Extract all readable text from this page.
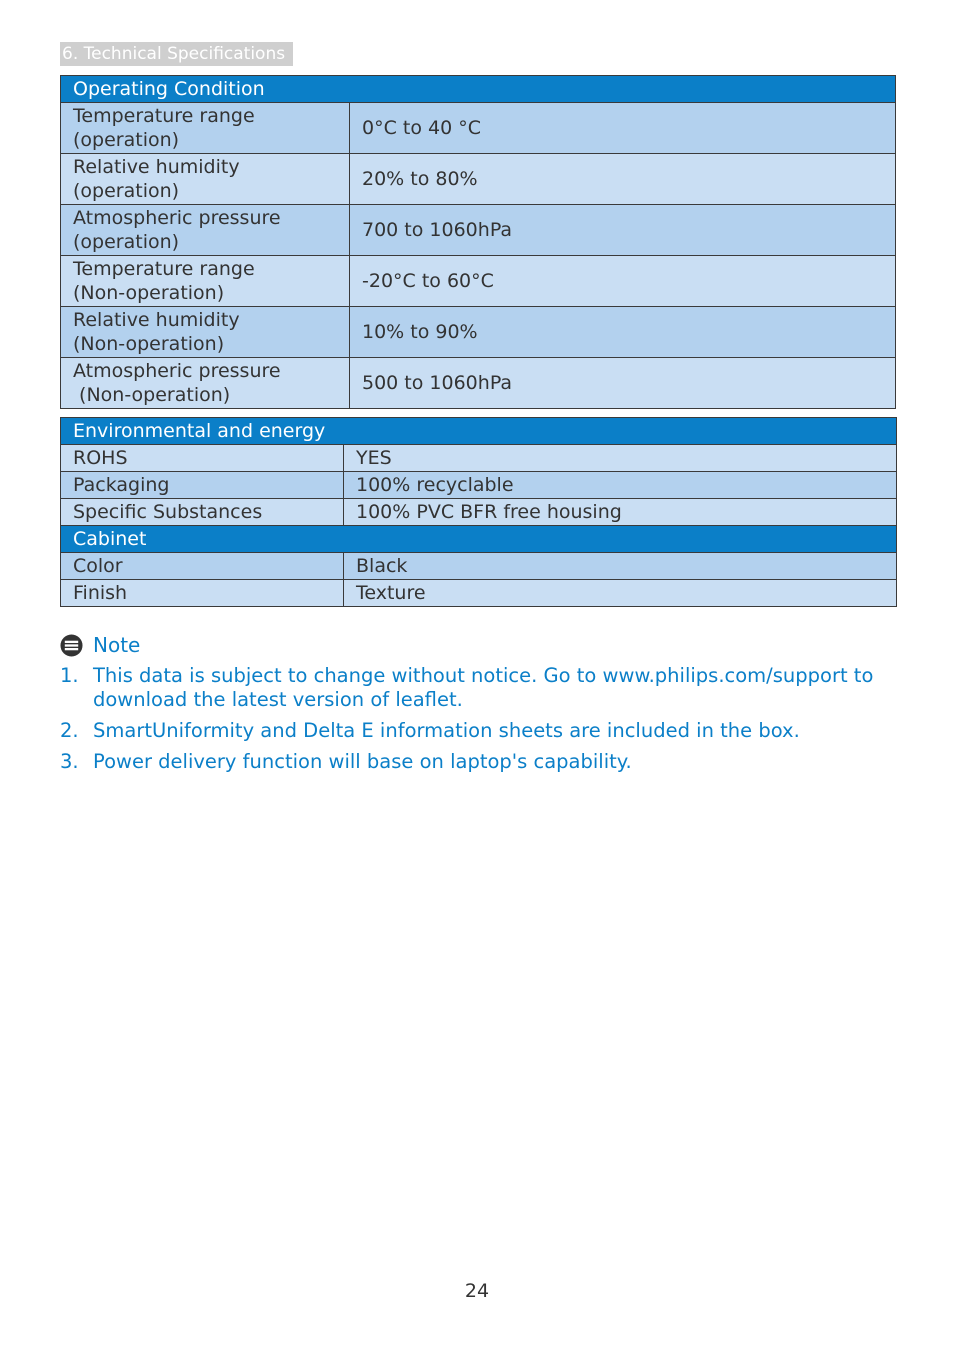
6. Technical Specifications
Operating Condition	
Temperature range
(operation)	0°C to 40 °C
Relative humidity
(operation)	20% to 80%
Atmospheric pressure
(operation)	700 to 1060hPa
Temperature range
(Non-operation)	-20°C to 60°C
Relative humidity
(Non-operation)	10% to 90%
Atmospheric pressure
(Non-operation)	500 to 1060hPa
Environmental and energy	
ROHS	YES
Packaging	100% recyclable
Specific Substances	100% PVC BFR free housing
Cabinet	
Color	Black
Finish	Texture
Note
1. This data is subject to change without notice. Go to www.philips.com/support to download the latest version of leaflet.
2. SmartUniformity and Delta E information sheets are included in the box.
3. Power delivery function will base on laptop's capability.
24
